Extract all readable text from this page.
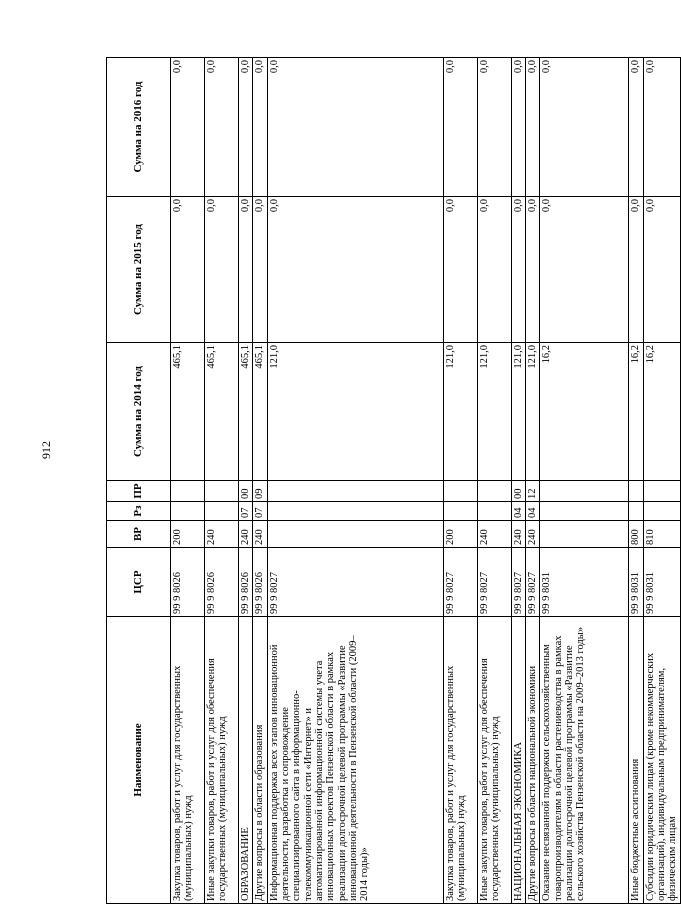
912
Наименование	ЦСР	ВР	Рз	ПР	Сумма на 2014 год	Сумма на 2015 год	Сумма на 2016 год
Закупка товаров, работ и услуг для государственных (муниципальных) нужд	99 9 8026	200			465,1	0,0	0,0
Иные закупки товаров, работ и услуг для обеспечения государственных (муниципальных) нужд	99 9 8026	240			465,1	0,0	0,0
ОБРАЗОВАНИЕ	99 9 8026	240	07	00	465,1	0,0	0,0
Другие вопросы в области образования	99 9 8026	240	07	09	465,1	0,0	0,0
Информационная поддержка всех этапов инновационной деятельности, разработка и сопровождение специализированного сайта в информационно-телекоммуникационной сети «Интернет» и автоматизированной информационной системы учета инновационных проектов Пензенской области в рамках реализации долгосрочной целевой программы «Развитие инновационной деятельности в Пензенской области (2009–2014 годы)»	99 9 8027				121,0	0,0	0,0
Закупка товаров, работ и услуг для государственных (муниципальных) нужд	99 9 8027	200			121,0	0,0	0,0
Иные закупки товаров, работ и услуг для обеспечения государственных (муниципальных) нужд	99 9 8027	240			121,0	0,0	0,0
НАЦИОНАЛЬНАЯ ЭКОНОМИКА	99 9 8027	240	04	00	121,0	0,0	0,0
Другие вопросы в области национальной экономики	99 9 8027	240	04	12	121,0	0,0	0,0
Оказание несвязанной поддержки сельскохозяйственным товаропроизводителям в области растениеводства в рамках реализации долгосрочной целевой программы «Развитие сельского хозяйства Пензенской области на 2009–2013 годы»	99 9 8031				16,2	0,0	0,0
Иные бюджетные ассигнования	99 9 8031	800			16,2	0,0	0,0
Субсидии юридическим лицам (кроме некоммерческих организаций), индивидуальным предпринимателям, физическим лицам	99 9 8031	810			16,2	0,0	0,0
